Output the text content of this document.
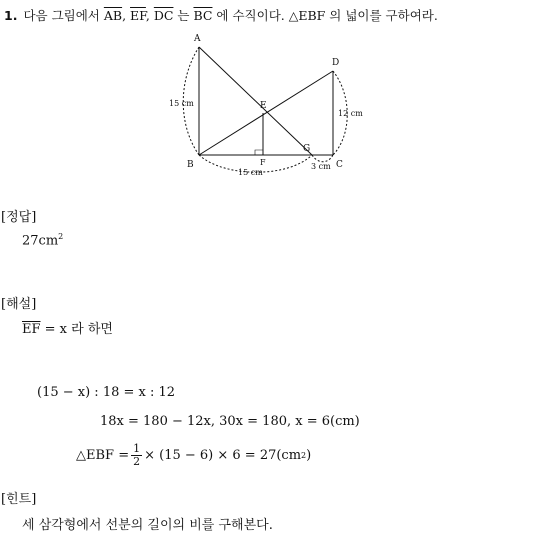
1. 다음 그림에서 $\overline{AB}$, $\overline{EF}$, $\overline{DC}$ 는 $\overline{BC}$ 에 수직이다. △EBF 의 넓이를 구하여라.
A
B	C
D
E
F
G
15 cm
12 cm
15 cm
3 cm
[정답]
$27cm^2$
[해설]
$\overline{EF} = x$ 라 하면
(15 − x) : 18 = x : 12
18x = 180 − 12x, 30x = 180, x = 6(cm)
△EBF = $\frac{1}{2} \times (15 - 6) \times 6 = 27(cm$ 2 )
[힌트]
세 삼각형에서 선분의 길이의 비를 구해본다.
